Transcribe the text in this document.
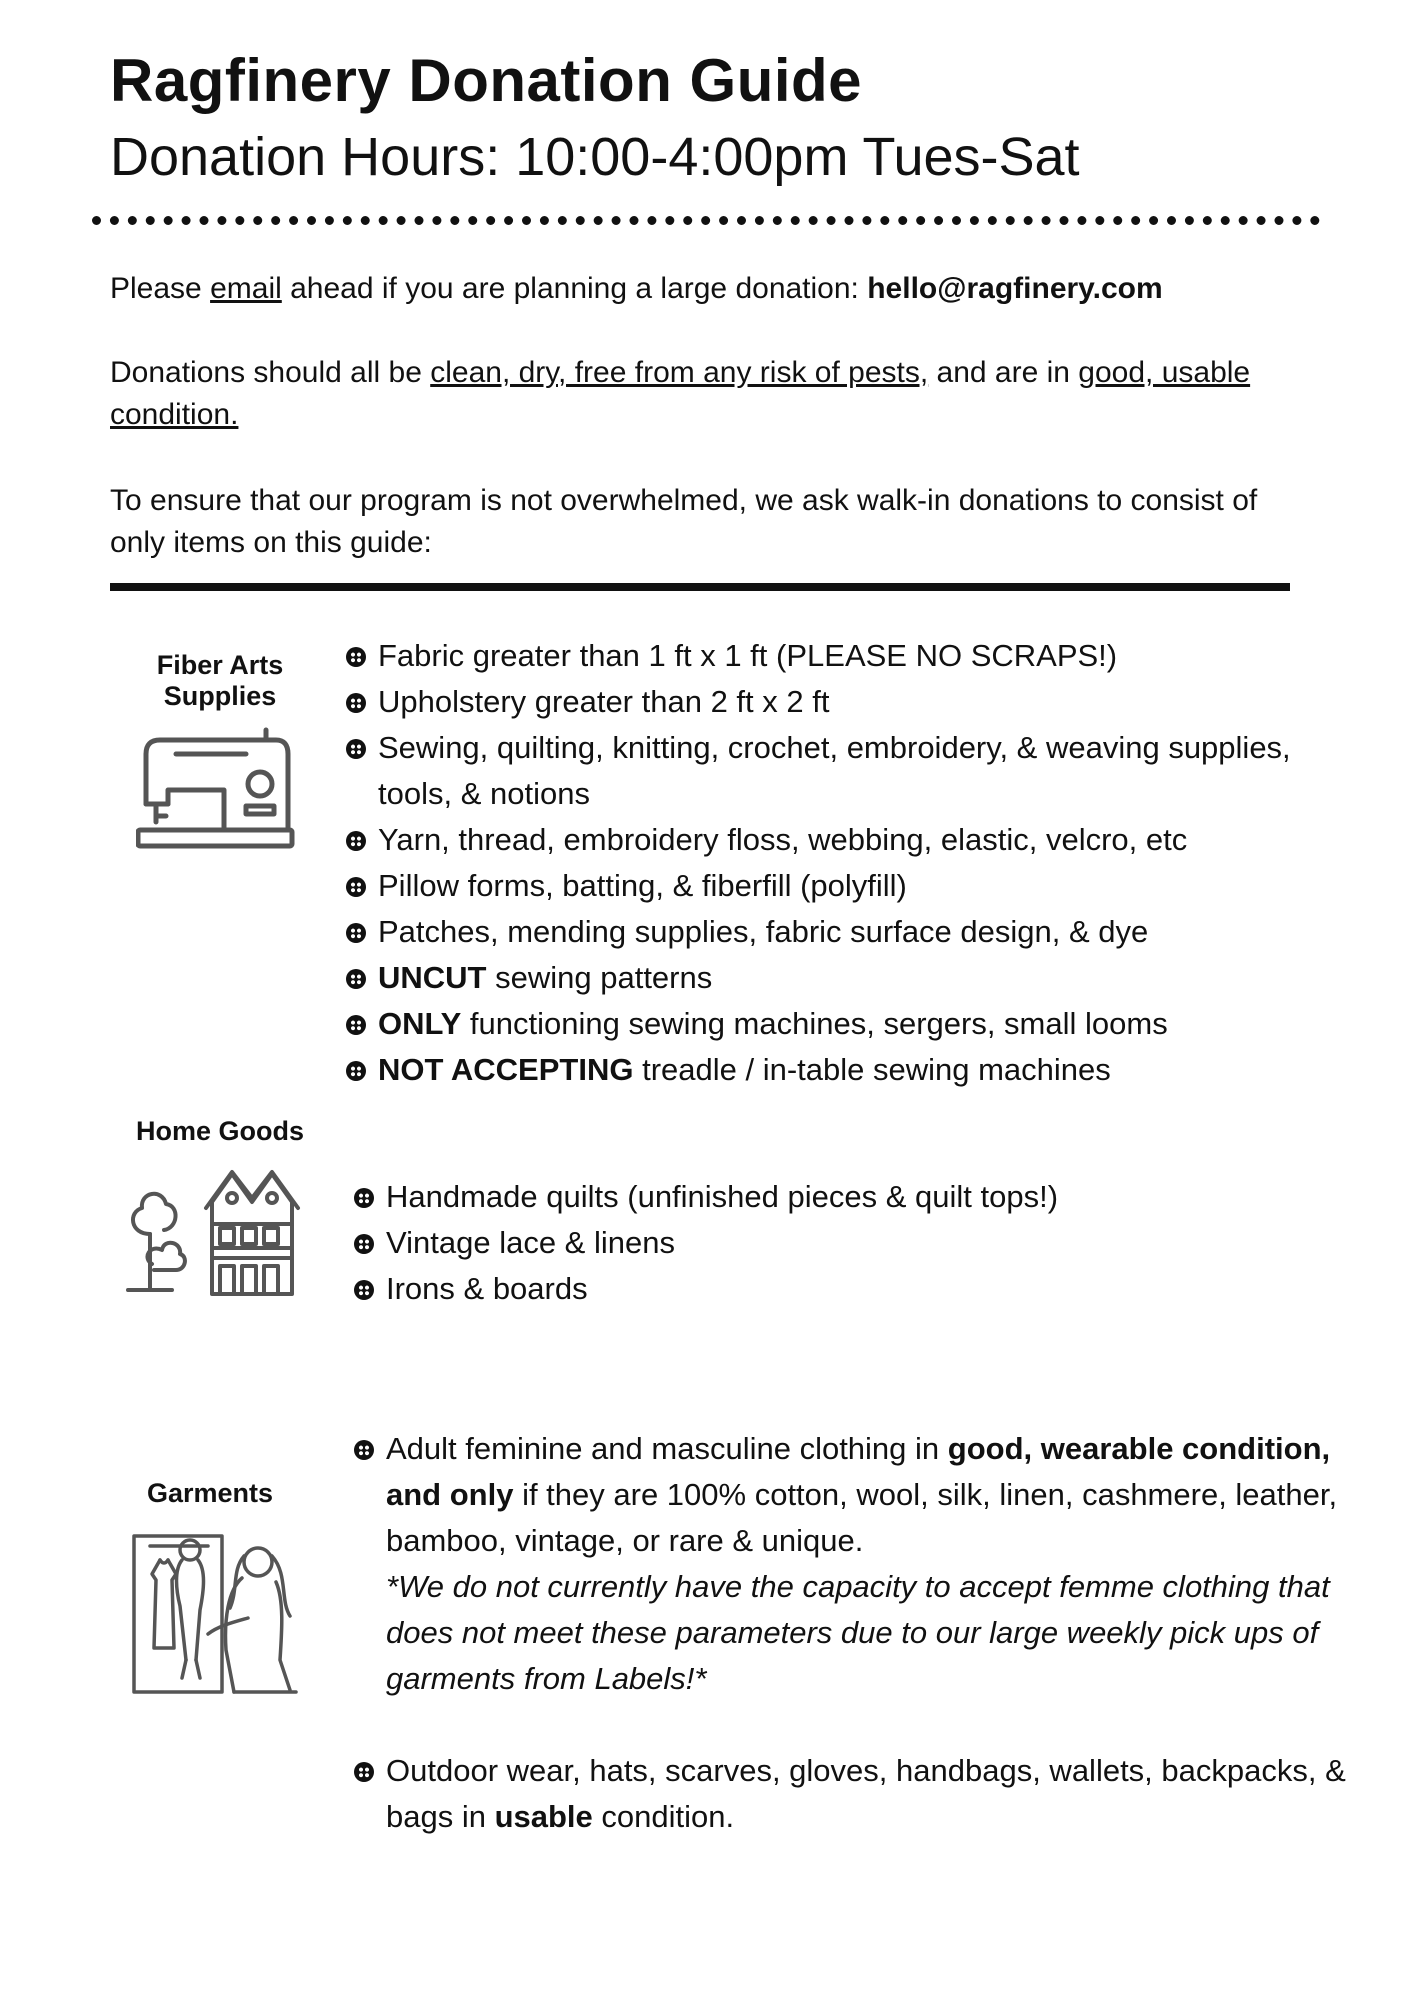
Ragfinery Donation Guide
Donation Hours: 10:00-4:00pm Tues-Sat
Please email ahead if you are planning a large donation: hello@ragfinery.com
Donations should all be clean, dry, free from any risk of pests, and are in good, usable condition.
To ensure that our program is not overwhelmed, we ask walk-in donations to consist of only items on this guide:
Fiber Arts Supplies
Fabric greater than 1 ft x 1 ft (PLEASE NO SCRAPS!)
Upholstery greater than 2 ft x 2 ft
Sewing, quilting, knitting, crochet, embroidery, & weaving supplies, tools, & notions
Yarn, thread, embroidery floss, webbing, elastic, velcro, etc
Pillow forms, batting, & fiberfill (polyfill)
Patches, mending supplies, fabric surface design, & dye
UNCUT sewing patterns
ONLY functioning sewing machines, sergers, small looms
NOT ACCEPTING treadle / in-table sewing machines
Home Goods
Handmade quilts (unfinished pieces & quilt tops!)
Vintage lace & linens
Irons & boards
Garments
Adult feminine and masculine clothing in good, wearable condition, and only if they are 100% cotton, wool, silk, linen, cashmere, leather, bamboo, vintage, or rare & unique.
*We do not currently have the capacity to accept femme clothing that does not meet these parameters due to our large weekly pick ups of garments from Labels!*
Outdoor wear, hats, scarves, gloves, handbags, wallets, backpacks, & bags in usable condition.
